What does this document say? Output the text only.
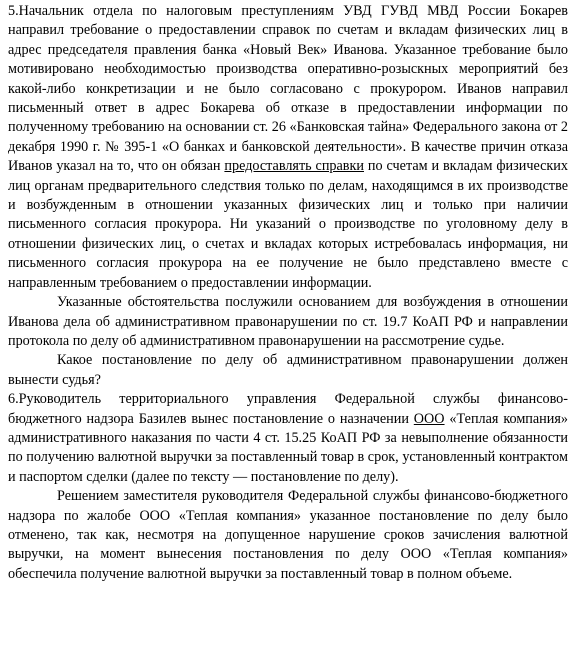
5.Начальник отдела по налоговым преступлениям УВД ГУВД МВД России Бокарев направил требование о предоставлении справок по счетам и вкладам физических лиц в адрес председателя правления банка «Новый Век» Иванова. Указанное требование было мотивировано необходимостью производства оперативно-розыскных мероприятий без какой-либо конкретизации и не было согласовано с прокурором. Иванов направил письменный ответ в адрес Бокарева об отказе в предоставлении информации по полученному требованию на основании ст. 26 «Банковская тайна» Федерального закона от 2 декабря 1990 г. № 395-1 «О банках и банковской деятельности». В качестве причин отказа Иванов указал на то, что он обязан предоставлять справки по счетам и вкладам физических лиц органам предварительного следствия только по делам, находящимся в их производстве и возбужденным в отношении указанных физических лиц и только при наличии письменного согласия прокурора. Ни указаний о производстве по уголовному делу в отношении физических лиц, о счетах и вкладах которых истребовалась информация, ни письменного согласия прокурора на ее получение не было представлено вместе с направленным требованием о предоставлении информации.

Указанные обстоятельства послужили основанием для возбуждения в отношении Иванова дела об административном правонарушении по ст. 19.7 КоАП РФ и направлении протокола по делу об административном правонарушении на рассмотрение судье.

Какое постановление по делу об административном правонарушении должен вынести судья?

6.Руководитель территориального управления Федеральной службы финансово-бюджетного надзора Базилев вынес постановление о назначении ООО «Теплая компания» административного наказания по части 4 ст. 15.25 КоАП РФ за невыполнение обязанности по получению валютной выручки за поставленный товар в срок, установленный контрактом и паспортом сделки (далее по тексту — постановление по делу).

Решением заместителя руководителя Федеральной службы финансово-бюджетного надзора по жалобе ООО «Теплая компания» указанное постановление по делу было отменено, так как, несмотря на допущенное нарушение сроков зачисления валютной выручки, на момент вынесения постановления по делу ООО «Теплая компания» обеспечила получение валютной выручки за поставленный товар в полном объеме.
